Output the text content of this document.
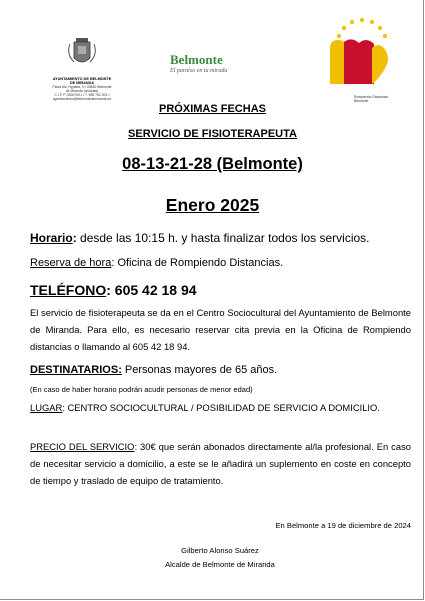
AYUNTAMIENTO DE BELMONTE DE MIRANDA
Plaza Ma. Hypatia, 9 • 33830 Belmonte de Miranda (Asturias)
C.I.F. P-3300700-I • T. 985 762 001 • ayuntamiento@belmontedemiranda.es
Belmonte
El paraíso en tu mirada
Rompiendo Distancias Belmonte
PRÓXIMAS FECHAS
SERVICIO DE FISIOTERAPEUTA
08-13-21-28 (Belmonte)
Enero 2025
Horario: desde las 10:15 h. y hasta finalizar todos los servicios.
Reserva de hora: Oficina de Rompiendo Distancias.
TELÉFONO: 605 42 18 94
El servicio de fisioterapeuta se da en el Centro Sociocultural del Ayuntamiento de Belmonte de Miranda. Para ello, es necesario reservar cita previa en la Oficina de Rompiendo distancias o llamando al 605 42 18 94.
DESTINATARIOS: Personas mayores de 65 años.
(En caso de haber horario podrán acudir personas de menor edad)
LUGAR: CENTRO SOCIOCULTURAL / POSIBILIDAD DE SERVICIO A DOMICILIO.
PRECIO DEL SERVICIO: 30€ que serán abonados directamente al/la profesional. En caso de necesitar servicio a domicilio, a este se le añadirá un suplemento en coste en concepto de tiempo y traslado de equipo de tratamiento.
En Belmonte a 19 de diciembre de 2024
Gilberto Alonso Suárez
Alcalde de Belmonte de Miranda
